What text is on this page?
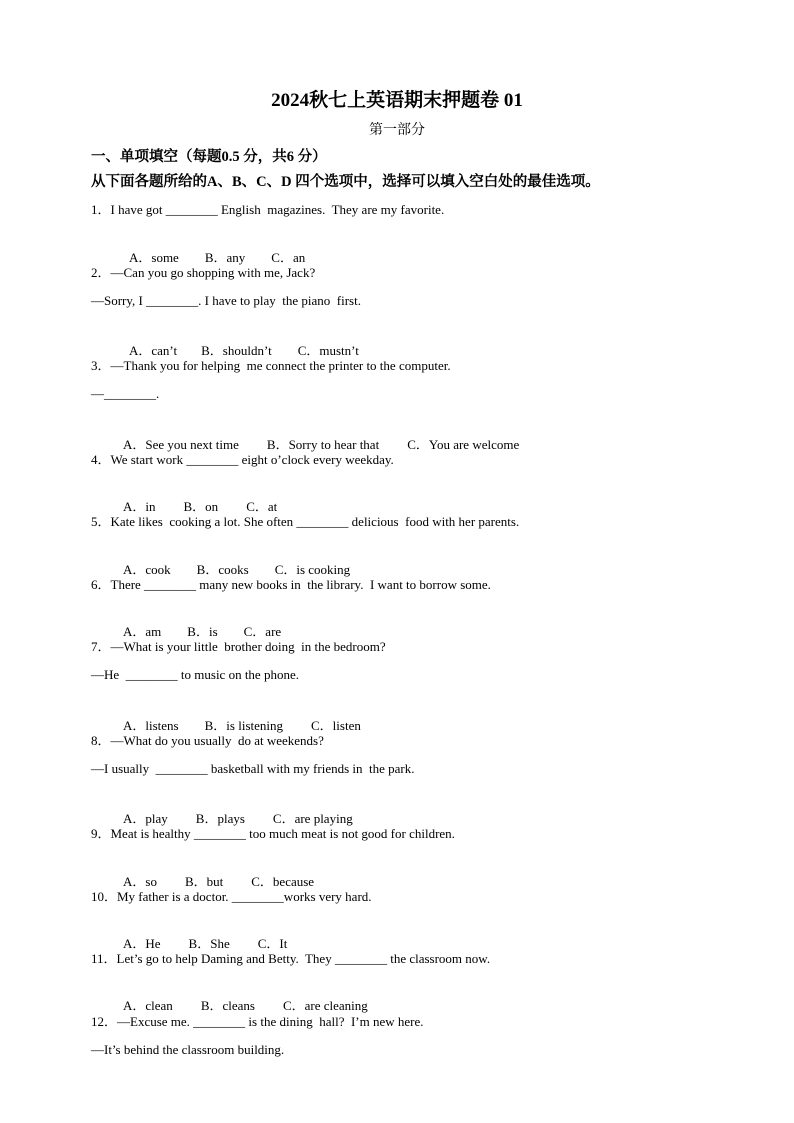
2024秋七上英语期末押题卷 01
第一部分
一、单项填空（每题0.5 分，共6 分）
从下面各题所给的A、B、C、D 四个选项中，选择可以填入空白处的最佳选项。
1．I have got ________ English  magazines.  They are my favorite.

A．some B．any C．an

2．—Can you go shopping with me, Jack?
—Sorry, I ________. I have to play  the piano  first.

A．can’t B．shouldn’t C．mustn’t

3．—Thank you for helping  me connect the printer to the computer.
—________.

A．See you next time B．Sorry to hear that C．You are welcome

4．We start work ________ eight o’clock every weekday.

A．in B．on C．at

5．Kate likes  cooking a lot. She often ________ delicious  food with her parents.

A．cook B．cooks C．is cooking

6．There ________ many new books in  the library.  I want to borrow some.

A．am B．is C．are

7．—What is your little  brother doing  in the bedroom?
—He  ________ to music on the phone.

A．listens B．is listening C．listen

8．—What do you usually  do at weekends?
—I usually  ________ basketball with my friends in  the park.

A．play B．plays C．are playing

9．Meat is healthy ________ too much meat is not good for children.

A．so B．but C．because

10．My father is a doctor. ________works very hard.

A．He B．She C．It

11．Let’s go to help Daming and Betty.  They ________ the classroom now.

A．clean B．cleans C．are cleaning

12．—Excuse me. ________ is the dining  hall?  I’m new here.
—It’s behind the classroom building.
